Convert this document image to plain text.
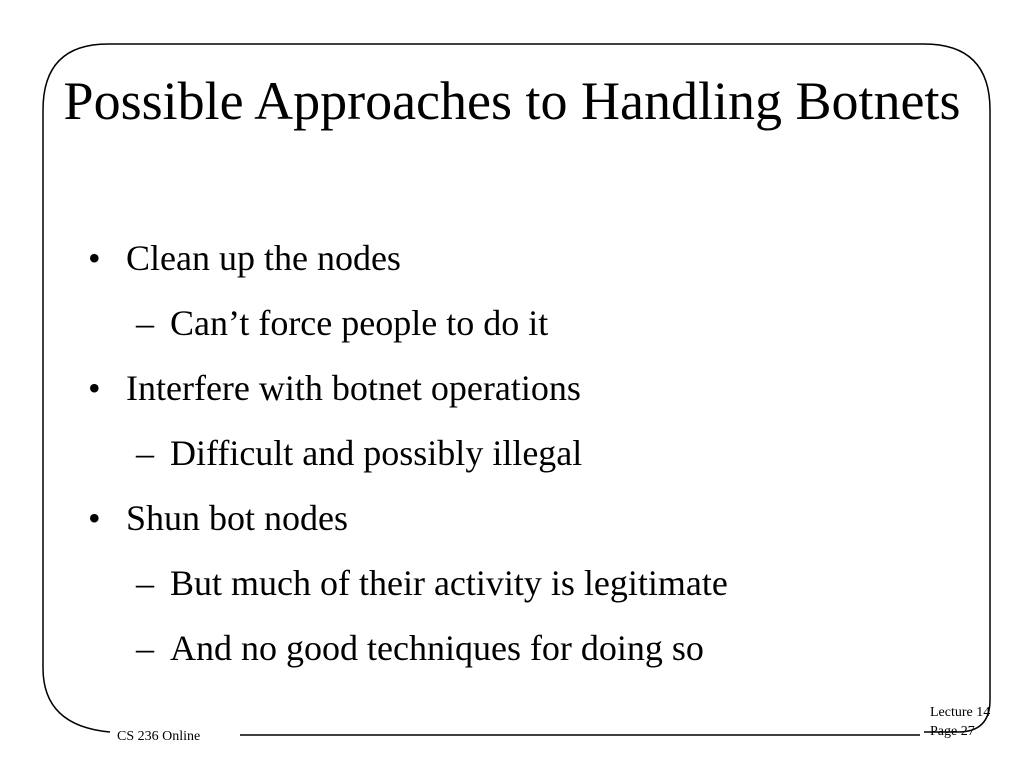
Possible Approaches to Handling Botnets
• Clean up the nodes
– Can’t force people to do it
• Interfere with botnet operations
– Difficult and possibly illegal
• Shun bot nodes
– But much of their activity is legitimate
– And no good techniques for doing so
CS 236 Online
Lecture 14
Page 27
